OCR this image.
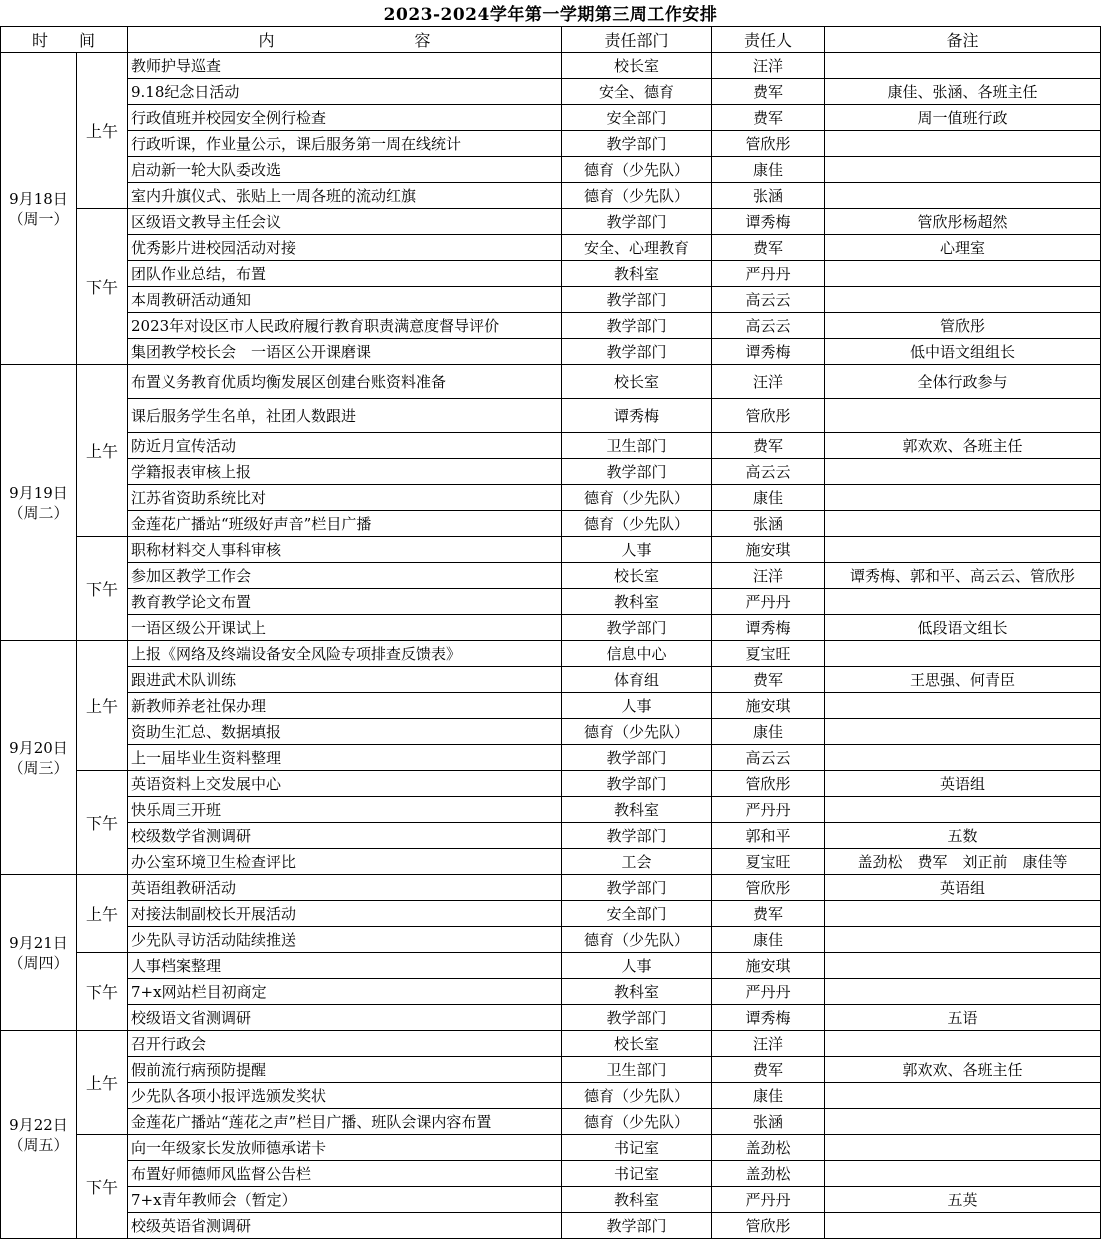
2023-2024学年第一学期第三周工作安排
时 间		内 容	责任部门	责任人	备注

9月18日
（周一）	上午	教师护导巡查	校长室	汪洋	
		9.18纪念日活动	安全、德育	费军	康佳、张涵、各班主任
		行政值班并校园安全例行检查	安全部门	费军	周一值班行政
		行政听课，作业量公示，课后服务第一周在线统计	教学部门	管欣彤	
		启动新一轮大队委改选	德育（少先队）	康佳	
		室内升旗仪式、张贴上一周各班的流动红旗	德育（少先队）	张涵	
	下午	区级语文教导主任会议	教学部门	谭秀梅	管欣彤杨超然
		优秀影片进校园活动对接	安全、心理教育	费军	心理室
		团队作业总结，布置	教科室	严丹丹	
		本周教研活动通知	教学部门	高云云	
		2023年对设区市人民政府履行教育职责满意度督导评价	教学部门	高云云	管欣彤
		集团教学校长会　一语区公开课磨课	教学部门	谭秀梅	低中语文组组长

9月19日
（周二）	上午	布置义务教育优质均衡发展区创建台账资料准备	校长室	汪洋	全体行政参与
		课后服务学生名单，社团人数跟进	谭秀梅	管欣彤	
		防近月宣传活动	卫生部门	费军	郭欢欢、各班主任
		学籍报表审核上报	教学部门	高云云	
		江苏省资助系统比对	德育（少先队）	康佳	
		金莲花广播站“班级好声音”栏目广播	德育（少先队）	张涵	
	下午	职称材料交人事科审核	人事	施安琪	
		参加区教学工作会	校长室	汪洋	谭秀梅、郭和平、高云云、管欣彤
		教育教学论文布置	教科室	严丹丹	
		一语区级公开课试上	教学部门	谭秀梅	低段语文组长

9月20日
（周三）	上午	上报《网络及终端设备安全风险专项排查反馈表》	信息中心	夏宝旺	
		跟进武术队训练	体育组	费军	王思强、何青臣
		新教师养老社保办理	人事	施安琪	
		资助生汇总、数据填报	德育（少先队）	康佳	
		上一届毕业生资料整理	教学部门	高云云	
	下午	英语资料上交发展中心	教学部门	管欣彤	英语组
		快乐周三开班	教科室	严丹丹	
		校级数学省测调研	教学部门	郭和平	五数
		办公室环境卫生检查评比	工会	夏宝旺	盖劲松　费军　刘正前　康佳等

9月21日
（周四）	上午	英语组教研活动	教学部门	管欣彤	英语组
		对接法制副校长开展活动	安全部门	费军	
		少先队寻访活动陆续推送	德育（少先队）	康佳	
	下午	人事档案整理	人事	施安琪	
		7+x网站栏目初商定	教科室	严丹丹	
		校级语文省测调研	教学部门	谭秀梅	五语

9月22日
（周五）	上午	召开行政会	校长室	汪洋	
		假前流行病预防提醒	卫生部门	费军	郭欢欢、各班主任
		少先队各项小报评选颁发奖状	德育（少先队）	康佳	
		金莲花广播站“莲花之声”栏目广播、班队会课内容布置	德育（少先队）	张涵	
	下午	向一年级家长发放师德承诺卡	书记室	盖劲松	
		布置好师德师风监督公告栏	书记室	盖劲松	
		7+x青年教师会（暂定）	教科室	严丹丹	五英
		校级英语省测调研	教学部门	管欣彤	
